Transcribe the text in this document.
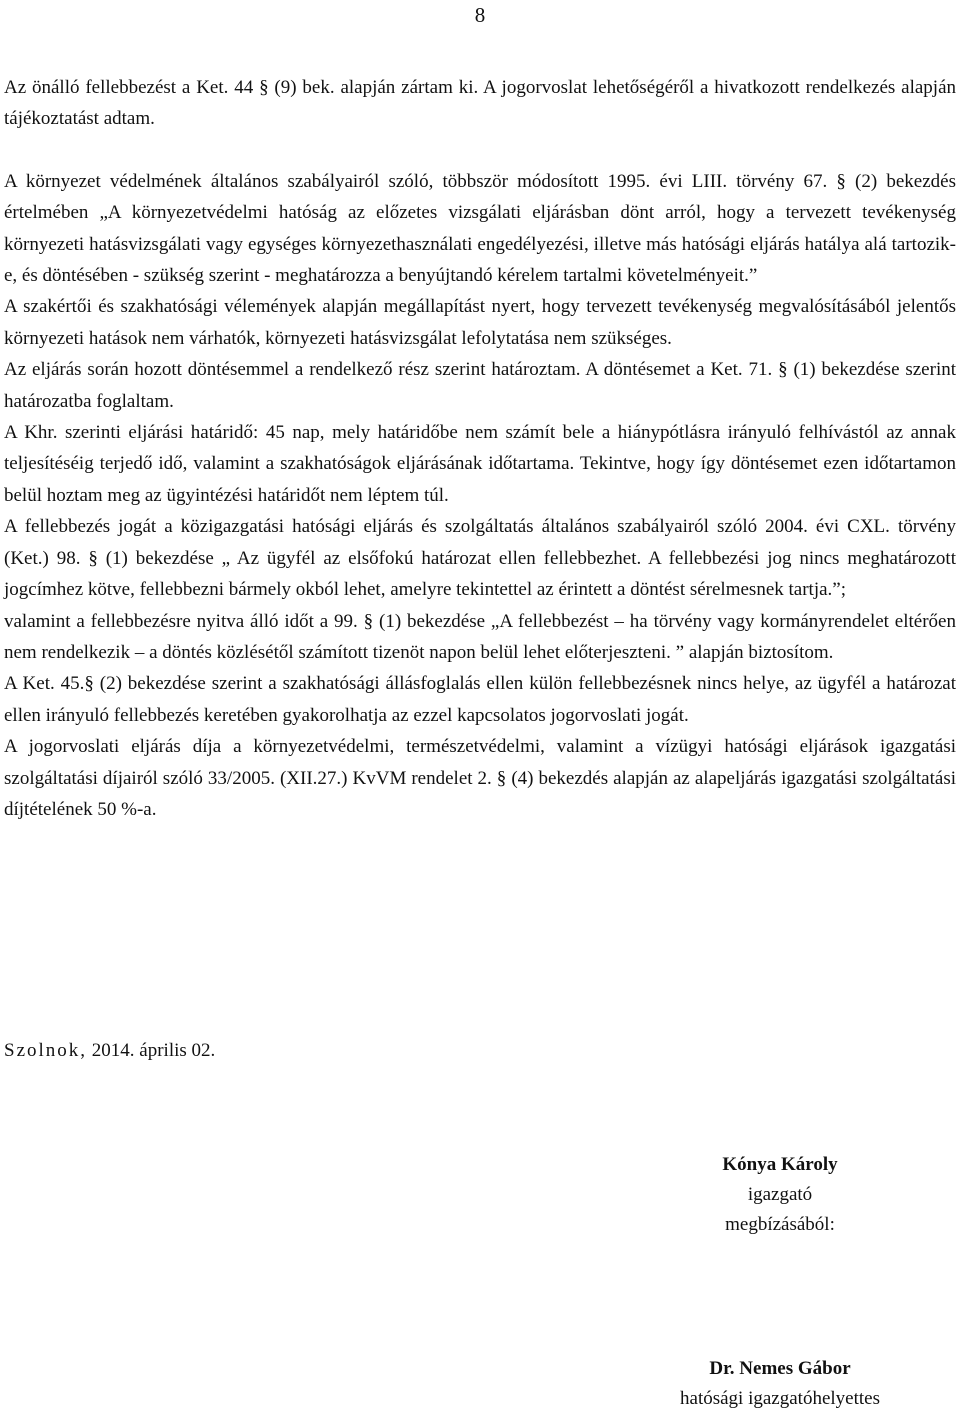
8

Az önálló fellebbezést a Ket. 44 § (9) bek. alapján zártam ki. A jogorvoslat lehetőségéről a hivatkozott rendelkezés alapján tájékoztatást adtam.

A környezet védelmének általános szabályairól szóló, többször módosított 1995. évi LIII. törvény 67. § (2) bekezdés értelmében „A környezetvédelmi hatóság az előzetes vizsgálati eljárásban dönt arról, hogy a tervezett tevékenység környezeti hatásvizsgálati vagy egységes környezethasználati engedélyezési, illetve más hatósági eljárás hatálya alá tartozik-e, és döntésében - szükség szerint - meghatározza a benyújtandó kérelem tartalmi követelményeit.”

A szakértői és szakhatósági vélemények alapján megállapítást nyert, hogy tervezett tevékenység megvalósításából jelentős környezeti hatások nem várhatók, környezeti hatásvizsgálat lefolytatása nem szükséges.

Az eljárás során hozott döntésemmel a rendelkező rész szerint határoztam. A döntésemet a Ket. 71. § (1) bekezdése szerint határozatba foglaltam.

A Khr. szerinti eljárási határidő: 45 nap, mely határidőbe nem számít bele a hiánypótlásra irányuló felhívástól az annak teljesítéséig terjedő idő, valamint a szakhatóságok eljárásának időtartama. Tekintve, hogy így döntésemet ezen időtartamon belül hoztam meg az ügyintézési határidőt nem léptem túl.

A fellebbezés jogát a közigazgatási hatósági eljárás és szolgáltatás általános szabályairól szóló 2004. évi CXL. törvény (Ket.) 98. § (1) bekezdése „ Az ügyfél az elsőfokú határozat ellen fellebbezhet. A fellebbezési jog nincs meghatározott jogcímhez kötve, fellebbezni bármely okból lehet, amelyre tekintettel az érintett a döntést sérelmesnek tartja.”;

valamint a fellebbezésre nyitva álló időt a 99. § (1) bekezdése „A fellebbezést – ha törvény vagy kormányrendelet eltérően nem rendelkezik – a döntés közlésétől számított tizenöt napon belül lehet előterjeszteni. ” alapján biztosítom.

A Ket. 45.§ (2) bekezdése szerint a szakhatósági állásfoglalás ellen külön fellebbezésnek nincs helye, az ügyfél a határozat ellen irányuló fellebbezés keretében gyakorolhatja az ezzel kapcsolatos jogorvoslati jogát.

A jogorvoslati eljárás díja a környezetvédelmi, természetvédelmi, valamint a vízügyi hatósági eljárások igazgatási szolgáltatási díjairól szóló 33/2005. (XII.27.) KvVM rendelet 2. § (4) bekezdés alapján az alapeljárás igazgatási szolgáltatási díjtételének 50 %-a.

Szolnok, 2014. április 02.
Kónya Károly
igazgató
megbízásából:
Dr. Nemes Gábor
hatósági igazgatóhelyettes
